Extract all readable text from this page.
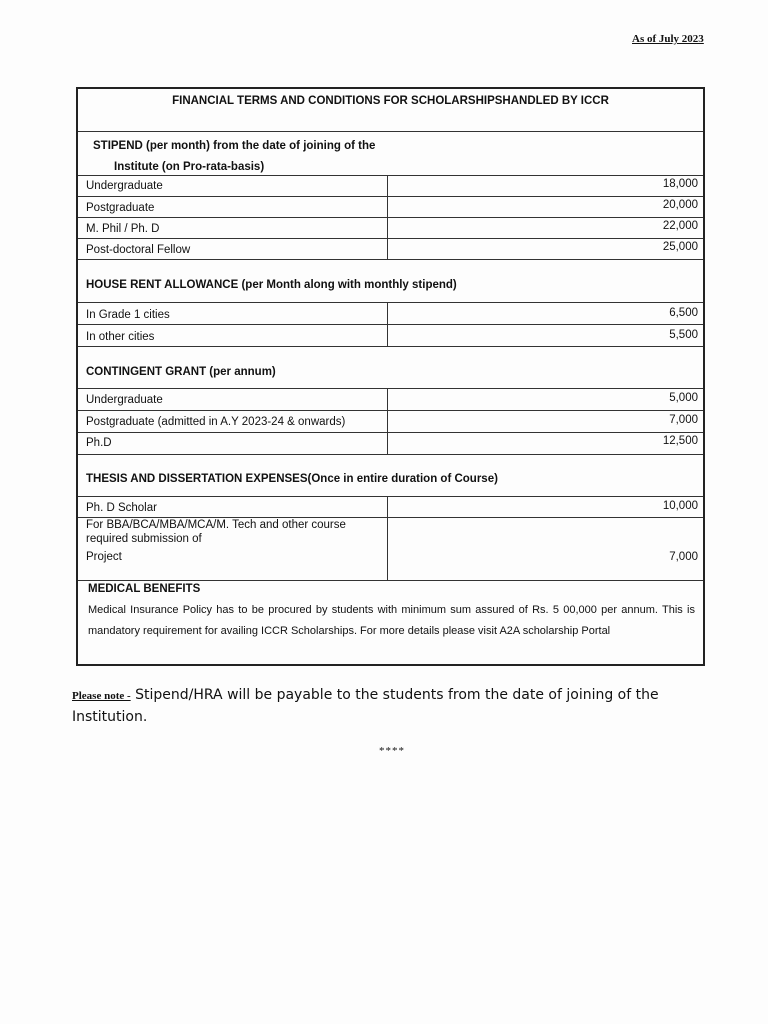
As of July 2023
FINANCIAL TERMS AND CONDITIONS FOR SCHOLARSHIPSHANDLED BY ICCR
STIPEND (per month) from the date of joining of the
Institute (on Pro-rata-basis)
Undergraduate	18,000
Postgraduate	20,000
M. Phil / Ph. D	22,000
Post-doctoral Fellow	25,000
HOUSE RENT ALLOWANCE (per Month along with monthly stipend)
In Grade 1 cities	6,500
In other cities	5,500
CONTINGENT GRANT (per annum)
Undergraduate	5,000
Postgraduate (admitted in A.Y 2023-24 & onwards)	7,000
Ph.D	12,500
THESIS AND DISSERTATION EXPENSES(Once in entire duration of Course)
Ph. D Scholar	10,000
For BBA/BCA/MBA/MCA/M. Tech and other course
required submission of
Project	7,000
MEDICAL BENEFITS
Medical Insurance Policy has to be procured by students with minimum sum assured of Rs. 5 00,000 per annum. This is mandatory requirement for availing ICCR Scholarships. For more details please visit A2A scholarship Portal
Please note - Stipend/HRA will be payable to the students from the date of joining of the Institution.
****
